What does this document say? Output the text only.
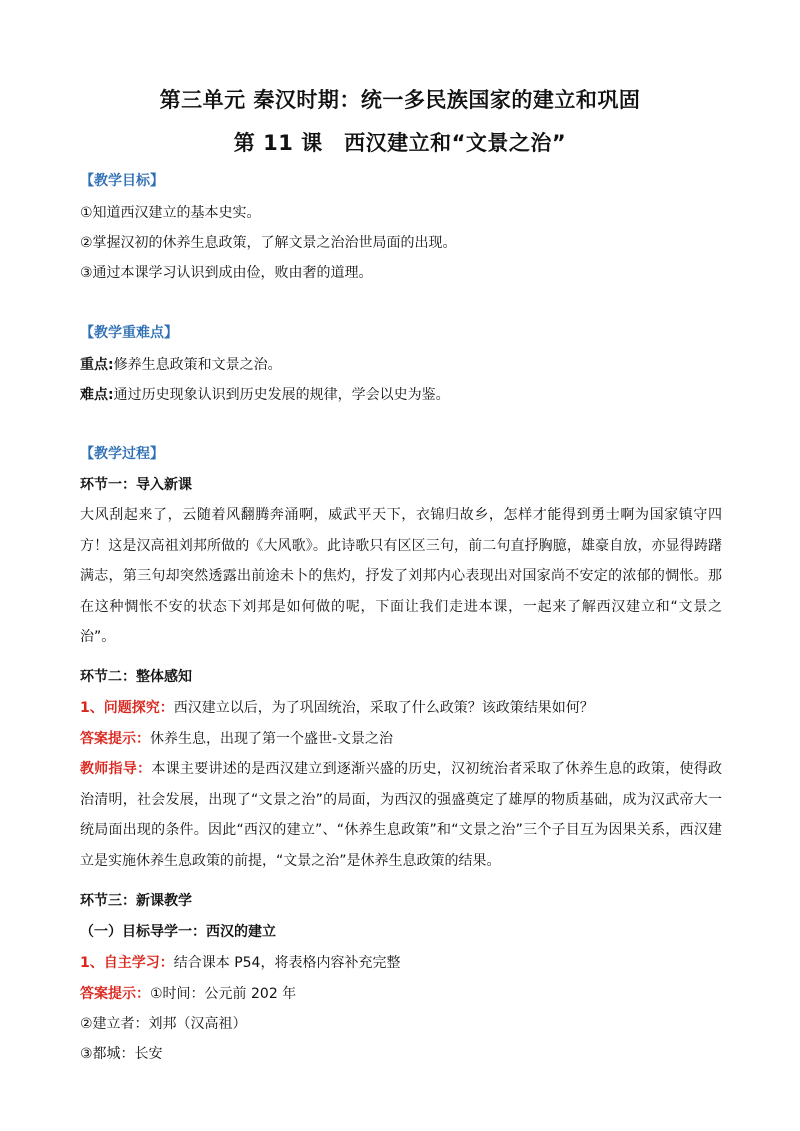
第三单元 秦汉时期：统一多民族国家的建立和巩固
第 11 课　西汉建立和“文景之治”
【教学目标】
①知道西汉建立的基本史实。
②掌握汉初的休养生息政策，了解文景之治治世局面的出现。
③通过本课学习认识到成由俭，败由奢的道理。
【教学重难点】
重点:修养生息政策和文景之治。
难点:通过历史现象认识到历史发展的规律，学会以史为鉴。
【教学过程】
环节一：导入新课

大风刮起来了，云随着风翻腾奔涌啊，威武平天下，衣锦归故乡，怎样才能得到勇士啊为国家镇守四方！这是汉高祖刘邦所做的《大风歌》。此诗歌只有区区三句，前二句直抒胸臆，雄豪自放，亦显得踌躇满志，第三句却突然透露出前途未卜的焦灼，抒发了刘邦内心表现出对国家尚不安定的浓郁的惆怅。那在这种惆怅不安的状态下刘邦是如何做的呢，下面让我们走进本课，一起来了解西汉建立和“文景之治”。

环节二：整体感知
1、问题探究：西汉建立以后，为了巩固统治，采取了什么政策？该政策结果如何？
答案提示：休养生息，出现了第一个盛世-文景之治

教师指导：本课主要讲述的是西汉建立到逐渐兴盛的历史，汉初统治者采取了休养生息的政策，使得政治清明，社会发展，出现了“文景之治”的局面，为西汉的强盛奠定了雄厚的物质基础，成为汉武帝大一统局面出现的条件。因此“西汉的建立”、“休养生息政策”和“文景之治”三个子目互为因果关系，西汉建立是实施休养生息政策的前提，“文景之治”是休养生息政策的结果。

环节三：新课教学
（一）目标导学一：西汉的建立
1、自主学习：结合课本 P54，将表格内容补充完整
答案提示：①时间：公元前 202 年
②建立者：刘邦（汉高祖）
③都城：长安
